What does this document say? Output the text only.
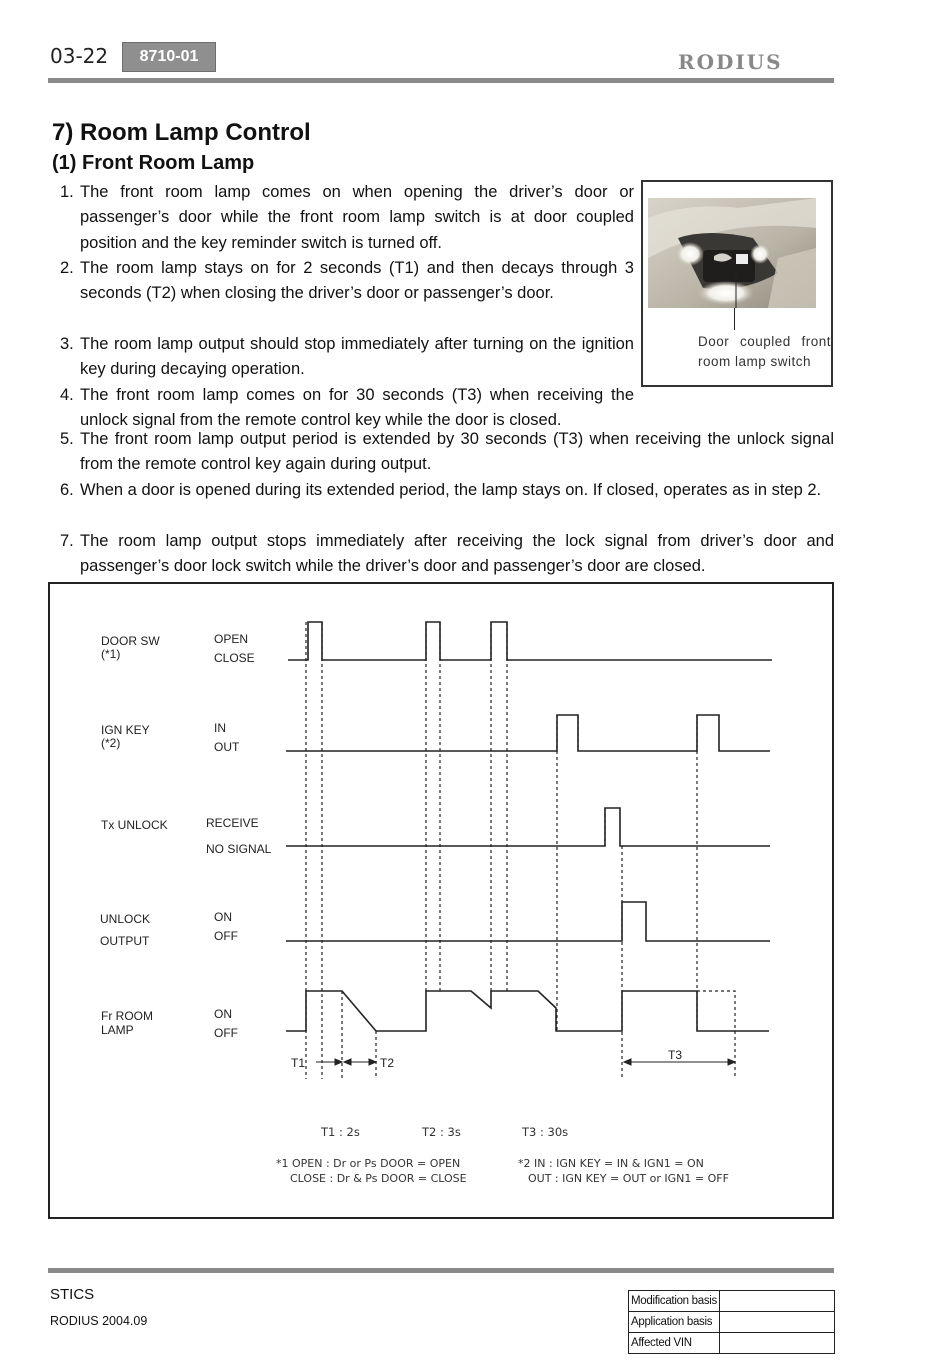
03-22	8710-01	RODIUS
7) Room Lamp Control
(1) Front Room Lamp
1. The front room lamp comes on when opening the driver’s door or passenger’s door while the front room lamp switch is at door coupled position and the key reminder switch is turned off.
2. The room lamp stays on for 2 seconds (T1) and then decays through 3 seconds (T2) when closing the driver’s door or passenger’s door.
3. The room lamp output should stop immediately after turning on the ignition key during decaying operation.
4. The front room lamp comes on for 30 seconds (T3) when receiving the unlock signal from the remote control key while the door is closed.
5. The front room lamp output period is extended by 30 seconds (T3) when receiving the unlock signal from the remote control key again during output.
6. When a door is opened during its extended period, the lamp stays on. If closed, operates as in step 2.
7. The room lamp output stops immediately after receiving the lock signal from driver’s door and passenger’s door lock switch while the driver’s door and passenger’s door are closed.
Door coupled front room lamp switch
DOOR SW
(*1)
IGN KEY
(*2)
Tx UNLOCK
UNLOCK
OUTPUT
Fr ROOM
LAMP
OPEN
CLOSE
IN
OUT
RECEIVE
NO SIGNAL
ON
OFF
ON
OFF
T1	T2
T3
T1 : 2s	T2 : 3s	T3 : 30s
*1 OPEN : Dr or Ps DOOR = OPEN
CLOSE : Dr & Ps DOOR = CLOSE
*2 IN : IGN KEY = IN & IGN1 = ON
OUT : IGN KEY = OUT or IGN1 = OFF
STICS
RODIUS 2004.09
Modification basis	
Application basis	
Affected VIN	
